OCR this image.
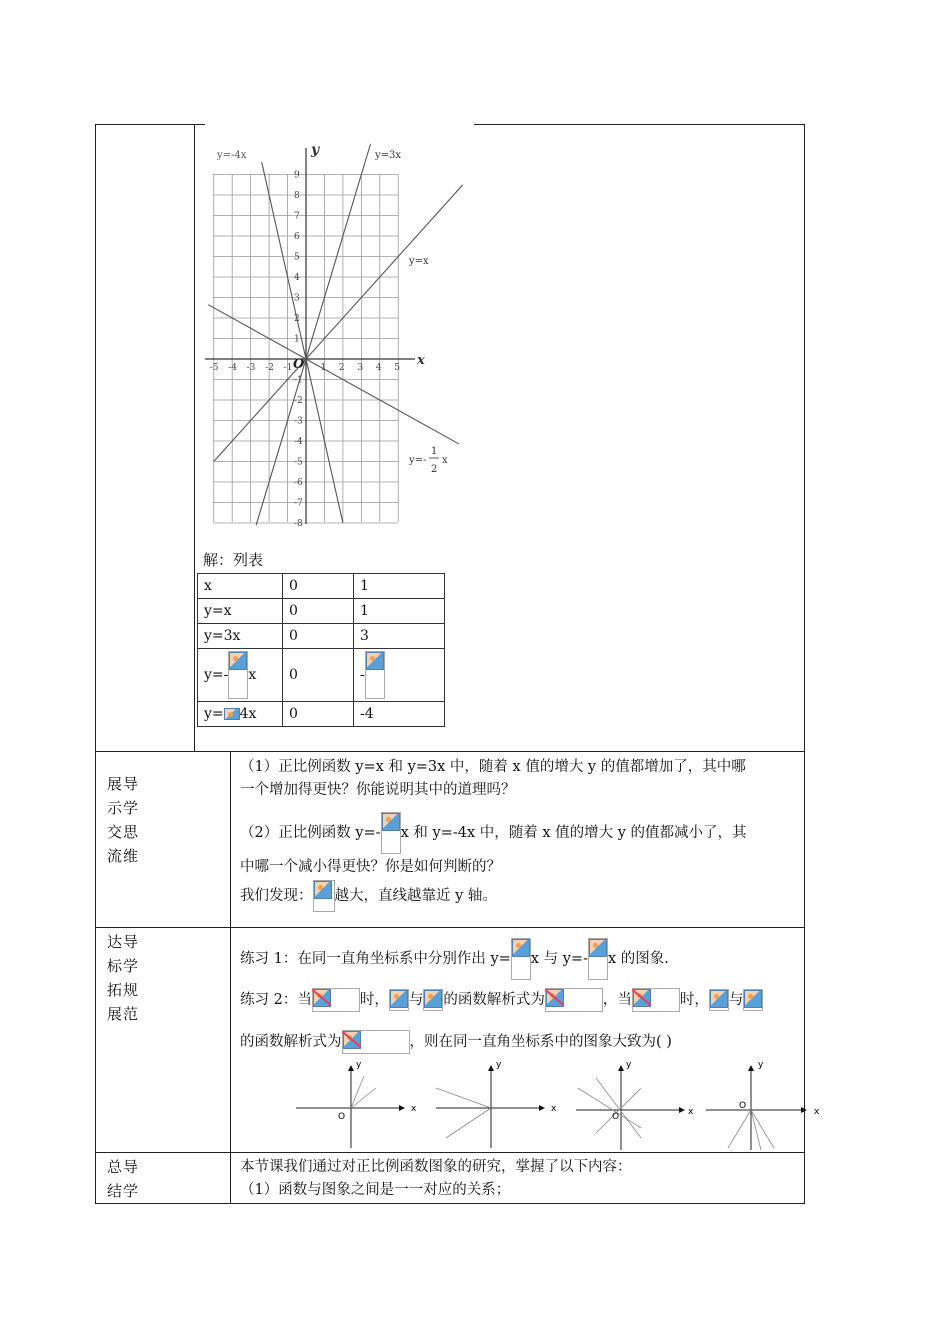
-5 -4 -3 -2 -1	1 2 3 4 5
9
8
7
6
5
4
3
2
1
-1
-2
-3
-4
-5
-6
-7
-8
y=-4x	y=3x
y=x
y=-
1
2
x
y
x
O
解：列表
x	0	1
y=x	0	1
y=3x	0	3
y=- x	0	-

y= 4x	0	-4
展导
示学
交思
流维
（1）正比例函数 y=x 和 y=3x 中，随着 x 值的增大 y 的值都增加了，其中哪
一个增加得更快？你能说明其中的道理吗？
（2）正比例函数 y=- x 和 y=-4x 中，随着 x 值的增大 y 的值都减小了，其
中哪一个减小得更快？你是如何判断的？
我们发现： 越大，直线越靠近 y 轴。
达导
标学
拓规
展范
练习 1：在同一直角坐标系中分别作出 y= x 与 y=- x 的图象.
练习 2：当	时， 与 的函数解析式为	，当	时， 与
的函数解析式为	，则在同一直角坐标系中的图象大致为( )
y
x
O
y
x
y
x
O
y
x
O
总导
结学
本节课我们通过对正比例函数图象的研究，掌握了以下内容：
（1）函数与图象之间是一一对应的关系；
